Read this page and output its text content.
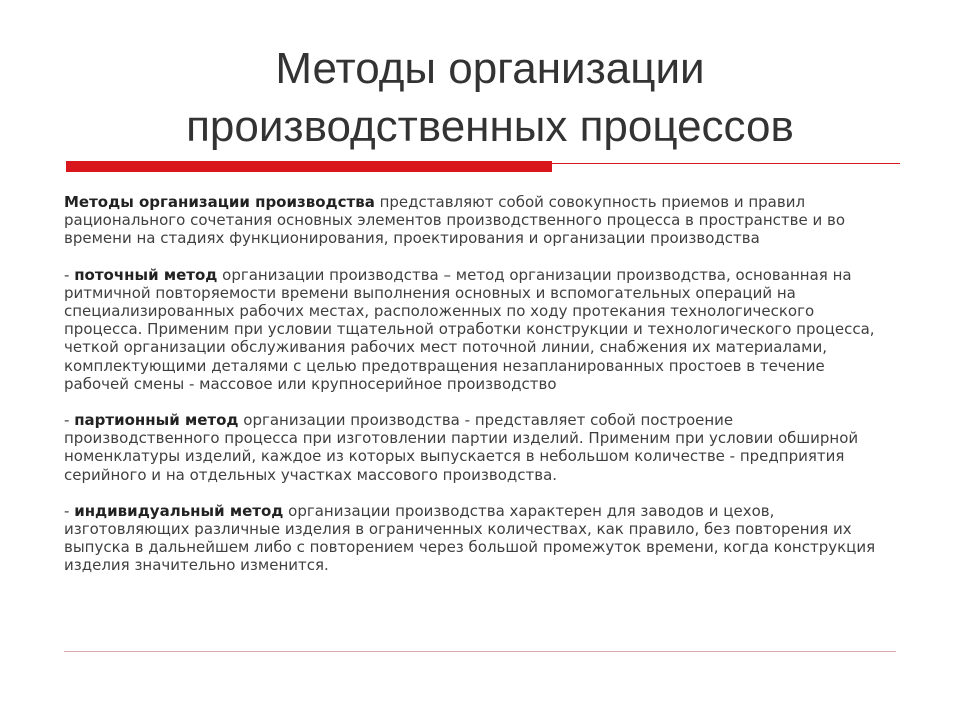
Методы организации
производственных процессов

Методы организации производства представляют собой совокупность приемов и правил рационального сочетания основных элементов производственного процесса в пространстве и во времени на стадиях функционирования, проектирования и организации производства

- поточный метод организации производства – метод организации производства, основанная на ритмичной повторяемости времени выполнения основных и вспомогательных операций на специализированных рабочих местах, расположенных по ходу протекания технологического процесса. Применим при условии тщательной отработки конструкции и технологического процесса, четкой организации обслуживания рабочих мест поточной линии, снабжения их материалами, комплектующими деталями с целью предотвращения незапланированных простоев в течение рабочей смены - массовое или крупносерийное производство

- партионный метод организации производства - представляет собой построение производственного процесса при изготовлении партии изделий. Применим при условии обширной номенклатуры изделий, каждое из которых выпускается в небольшом количестве - предприятия серийного и на отдельных участках массового производства.

- индивидуальный метод организации производства характерен для заводов и цехов, изготовляющих различные изделия в ограниченных количествах, как правило, без повторения их выпуска в дальнейшем либо с повторением через большой промежуток времени, когда конструкция изделия значительно изменится.
